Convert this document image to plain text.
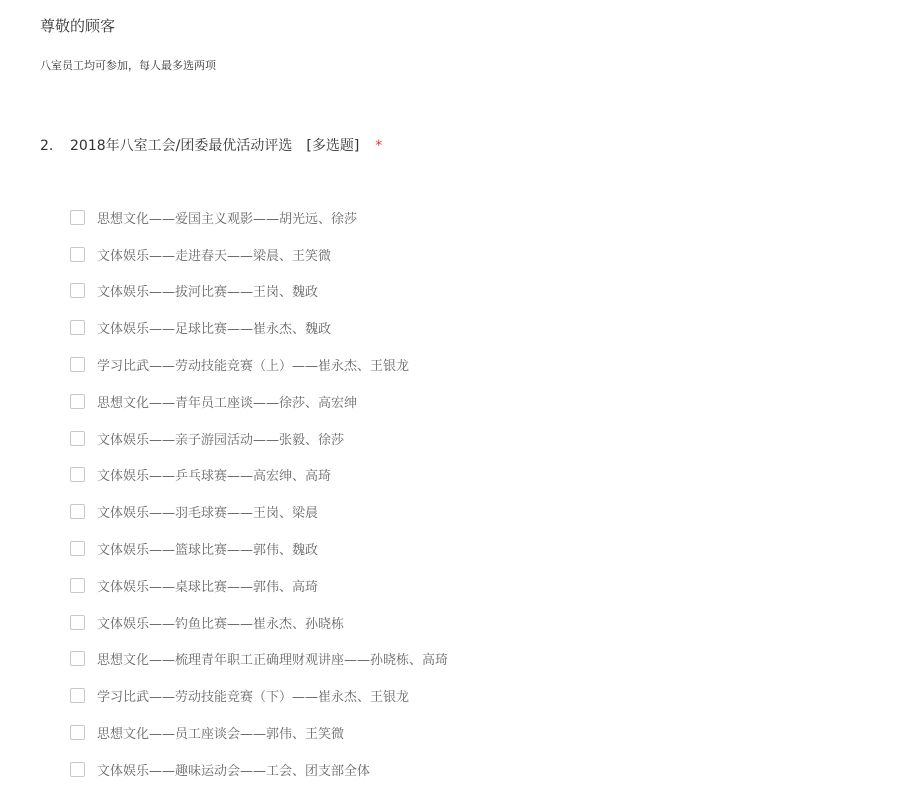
尊敬的顾客
八室员工均可参加，每人最多选两项
2. 2018年八室工会/团委最优活动评选 [多选题] *
思想文化——爱国主义观影——胡光远、徐莎
文体娱乐——走进春天——梁晨、王笑微
文体娱乐——拔河比赛——王岗、魏政
文体娱乐——足球比赛——崔永杰、魏政
学习比武——劳动技能竞赛（上）——崔永杰、王银龙
思想文化——青年员工座谈——徐莎、高宏绅
文体娱乐——亲子游园活动——张毅、徐莎
文体娱乐——乒乓球赛——高宏绅、高琦
文体娱乐——羽毛球赛——王岗、梁晨
文体娱乐——篮球比赛——郭伟、魏政
文体娱乐——桌球比赛——郭伟、高琦
文体娱乐——钓鱼比赛——崔永杰、孙晓栋
思想文化——梳理青年职工正确理财观讲座——孙晓栋、高琦
学习比武——劳动技能竞赛（下）——崔永杰、王银龙
思想文化——员工座谈会——郭伟、王笑微
文体娱乐——趣味运动会——工会、团支部全体
